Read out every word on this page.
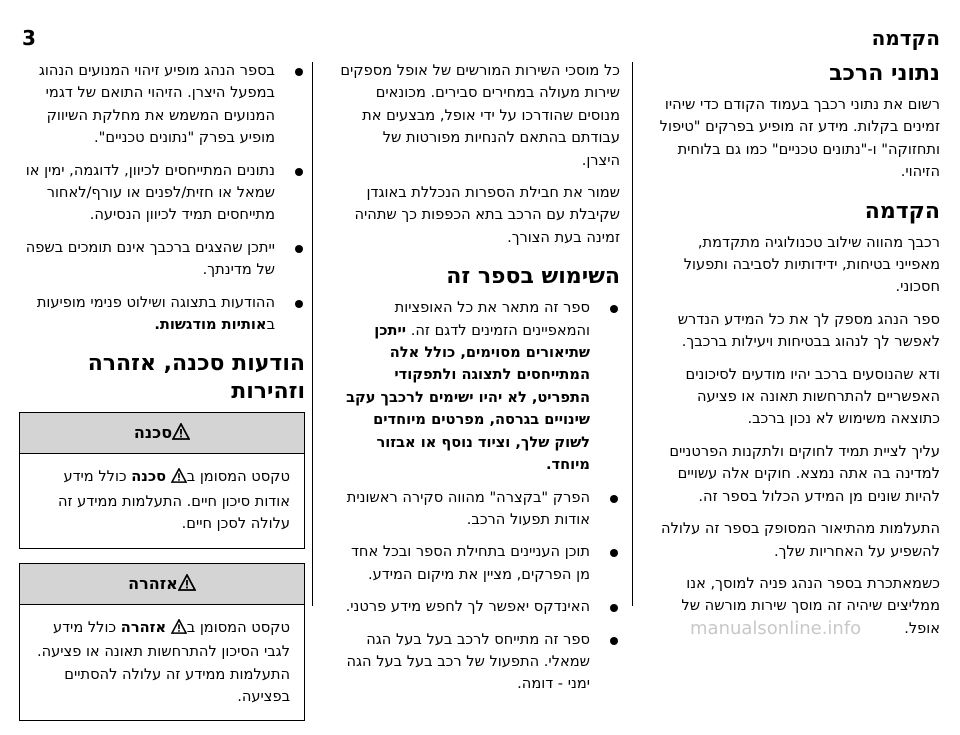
הקדמה
3
נתוני הרכב

רשום את נתוני רכבך בעמוד הקודם כדי שיהיו זמינים בקלות. מידע זה מופיע בפרקים "טיפול ותחזוקה" ו-"נתונים טכניים" כמו גם בלוחית הזיהוי.

הקדמה

רכבך מהווה שילוב טכנולוגיה מתקדמת, מאפייני בטיחות, ידידותיות לסביבה ותפעול חסכוני.

ספר הנהג מספק לך את כל המידע הנדרש לאפשר לך לנהוג בבטיחות ויעילות ברכבך.

ודא שהנוסעים ברכב יהיו מודעים לסיכונים האפשריים להתרחשות תאונה או פציעה כתוצאה משימוש לא נכון ברכב.

עליך לציית תמיד לחוקים ולתקנות הפרטניים למדינה בה אתה נמצא. חוקים אלה עשויים להיות שונים מן המידע הכלול בספר זה.

התעלמות מהתיאור המסופק בספר זה עלולה להשפיע על האחריות שלך.

כשמאתכרת בספר הנהג פניה למוסך, אנו ממליצים שיהיה זה מוסך שירות מורשה של אופל.

כל מוסכי השירות המורשים של אופל מספקים שירות מעולה במחירים סבירים. מכונאים מנוסים שהודרכו על ידי אופל, מבצעים את עבודתם בהתאם להנחיות מפורטות של היצרן.

שמור את חבילת הספרות הנכללת באוגדן שקיבלת עם הרכב בתא הכפפות כך שתהיה זמינה בעת הצורך.

השימוש בספר זה
ספר זה מתאר את כל האופציות והמאפיינים הזמינים לדגם זה. ייתכן שתיאורים מסוימים, כולל אלה המתייחסים לתצוגה ולתפקודי התפריט, לא יהיו ישימים לרכבך עקב שינויים בגרסה, מפרטים מיוחדים לשוק שלך, וציוד נוסף או אבזור מיוחד.
הפרק "בקצרה" מהווה סקירה ראשונית אודות תפעול הרכב.
תוכן העניינים בתחילת הספר ובכל אחד מן הפרקים, מציין את מיקום המידע.
האינדקס יאפשר לך לחפש מידע פרטני.
ספר זה מתייחס לרכב בעל בעל הגה שמאלי. התפעול של רכב בעל בעל הגה ימני - דומה.
בספר הנהג מופיע זיהוי המנועים הנהוג במפעל היצרן. הזיהוי התואם של דגמי המנועים המשמש את מחלקת השיווק מופיע בפרק "נתונים טכניים".
נתונים המתייחסים לכיוון, לדוגמה, ימין או שמאל או חזית/לפנים או עורף/לאחור מתייחסים תמיד לכיוון הנסיעה.
ייתכן שהצגים ברכבך אינם תומכים בשפה של מדינתך.
ההודעות בתצוגה ושילוט פנימי מופיעות באותיות מודגשות.
הודעות סכנה, אזהרה וזהירות
סכנה
טקסט המסומן ב סכנה כולל מידע אודות סיכון חיים. התעלמות ממידע זה עלולה לסכן חיים.
אזהרה
טקסט המסומן ב אזהרה כולל מידע לגבי הסיכון להתרחשות תאונה או פציעה. התעלמות ממידע זה עלולה להסתיים בפציעה.
manualsonline.info
